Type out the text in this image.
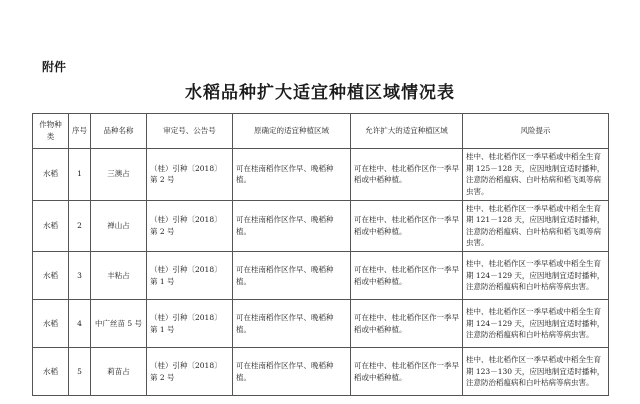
附件
水稻品种扩大适宜种植区域情况表
作物种类	序号	品种名称	审定号、公告号	原确定的适宜种植区域	允许扩大的适宜种植区域	风险提示
水稻	1	三澳占	（桂）引种〔2018〕第 2 号	可在桂南稻作区作早、晚稻种植。	可在桂中、桂北稻作区作一季早稻或中稻种植。	桂中、桂北稻作区一季早稻或中稻全生育期 125－128 天，应因地制宜适时播种，注意防治稻瘟病、白叶枯病和稻飞虱等病虫害。
水稻	2	禅山占	（桂）引种〔2018〕第 2 号	可在桂南稻作区作早、晚稻种植。	可在桂中、桂北稻作区作一季早稻或中稻种植。	桂中、桂北稻作区一季早稻或中稻全生育期 121－128 天，应因地制宜适时播种，注意防治稻瘟病、白叶枯病和稻飞虱等病虫害。
水稻	3	丰粘占	（桂）引种〔2018〕第 1 号	可在桂南稻作区作早、晚稻种植。	可在桂中、桂北稻作区作一季早稻或中稻种植。	桂中、桂北稻作区一季早稻或中稻全生育期 124－129 天，应因地制宜适时播种，注意防治稻瘟病和白叶枯病等病虫害。
水稻	4	中广丝苗 5 号	（桂）引种〔2018〕第 1 号	可在桂南稻作区作早、晚稻种植。	可在桂中、桂北稻作区作一季早稻或中稻种植。	桂中、桂北稻作区一季早稻或中稻全生育期 124－129 天，应因地制宜适时播种，注意防治稻瘟病和白叶枯病等病虫害。
水稻	5	莉苗占	（桂）引种〔2018〕第 2 号	可在桂南稻作区作早、晚稻种植。	可在桂中、桂北稻作区作一季早稻或中稻种植。	桂中、桂北稻作区一季早稻或中稻全生育期 123－130 天，应因地制宜适时播种，注意防治稻瘟病和白叶枯病等病虫害。
